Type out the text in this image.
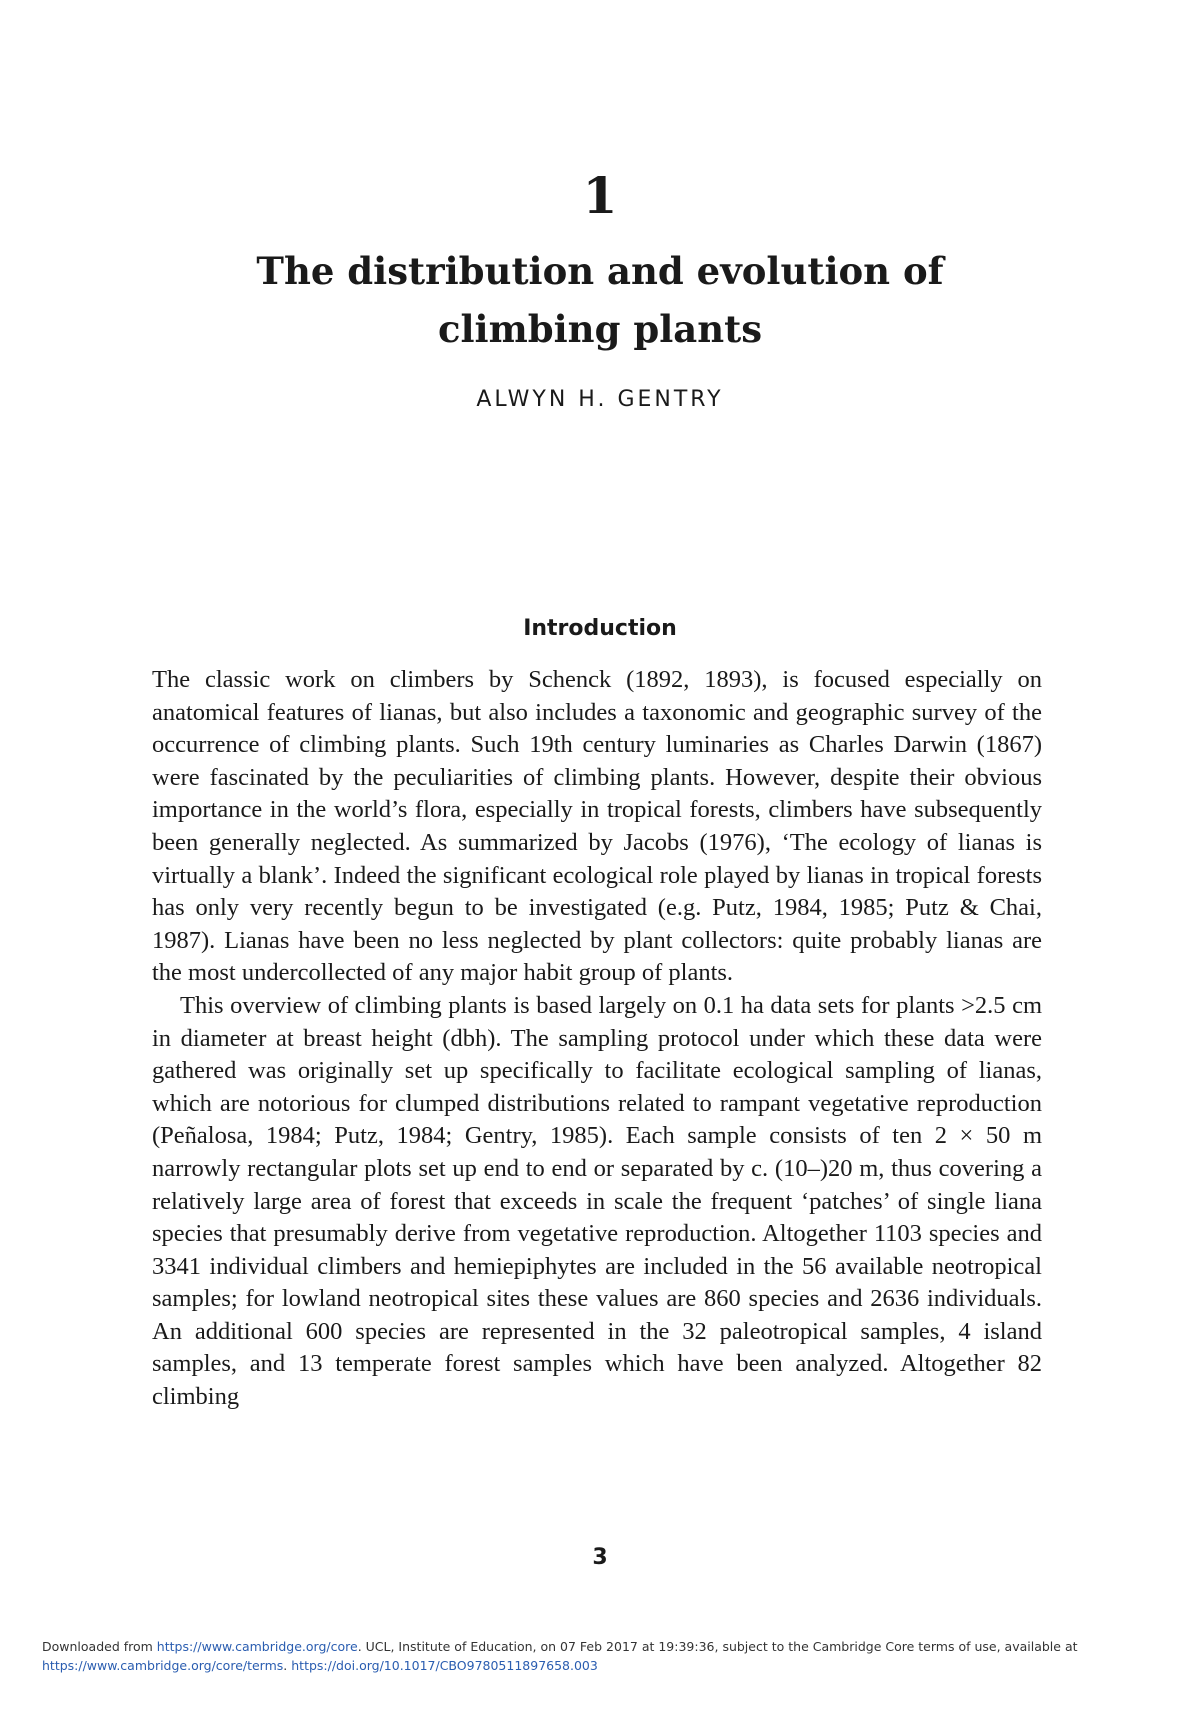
1
The distribution and evolution of
climbing plants
ALWYN H. GENTRY
Introduction

The classic work on climbers by Schenck (1892, 1893), is focused especially on anatomical features of lianas, but also includes a taxonomic and geographic survey of the occurrence of climbing plants. Such 19th century luminaries as Charles Darwin (1867) were fascinated by the peculiarities of climbing plants. However, despite their obvious importance in the world’s flora, especially in tropical forests, climbers have subsequently been generally neglected. As summarized by Jacobs (1976), ‘The ecology of lianas is virtually a blank’. Indeed the significant ecological role played by lianas in tropical forests has only very recently begun to be investigated (e.g. Putz, 1984, 1985; Putz & Chai, 1987). Lianas have been no less neglected by plant collectors: quite probably lianas are the most undercollected of any major habit group of plants.

This overview of climbing plants is based largely on 0.1 ha data sets for plants >2.5 cm in diameter at breast height (dbh). The sampling protocol under which these data were gathered was originally set up specifically to facilitate ecological sampling of lianas, which are notorious for clumped distributions related to rampant vegetative reproduction (Peñalosa, 1984; Putz, 1984; Gentry, 1985). Each sample consists of ten 2 × 50 m narrowly rectangular plots set up end to end or separated by c. (10–)20 m, thus covering a relatively large area of forest that exceeds in scale the frequent ‘patches’ of single liana species that presumably derive from vegetative reproduction. Altogether 1103 species and 3341 individual climbers and hemiepiphytes are included in the 56 available neotropical samples; for lowland neotropical sites these values are 860 species and 2636 individuals. An additional 600 species are represented in the 32 paleotropical samples, 4 island samples, and 13 temperate forest samples which have been analyzed. Altogether 82 climbing

3
Downloaded from https://www.cambridge.org/core. UCL, Institute of Education, on 07 Feb 2017 at 19:39:36, subject to the Cambridge Core terms of use, available at
https://www.cambridge.org/core/terms. https://doi.org/10.1017/CBO9780511897658.003
